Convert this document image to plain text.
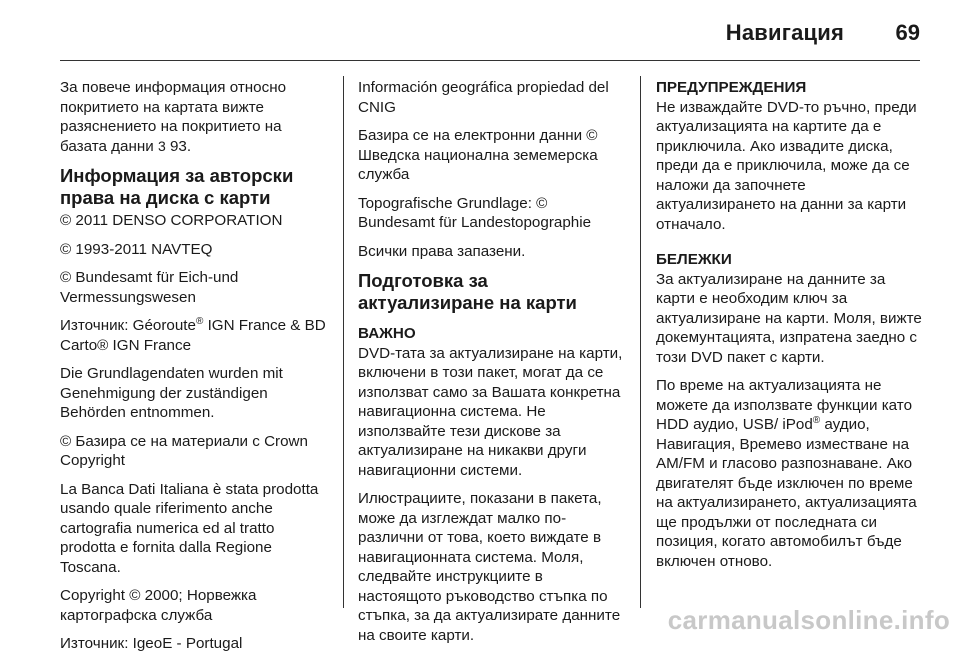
Навигация 69

За повече информация относно покритието на картата вижте разяснението на покритието на базата данни 3 93.

Информация за авторски права на диска с карти

© 2011 DENSO CORPORATION

© 1993-2011 NAVTEQ

© Bundesamt für Eich-und Vermessungswesen

Източник: Géoroute® IGN France & BD Carto® IGN France

Die Grundlagendaten wurden mit Genehmigung der zuständigen Behörden entnommen.

© Базира се на материали с Crown Copyright

La Banca Dati Italiana è stata prodotta usando quale riferimento anche cartografia numerica ed al tratto prodotta e fornita dalla Regione Toscana.

Copyright © 2000; Норвежка картографска служба

Източник: IgeoE - Portugal

Información geográfica propiedad del CNIG

Базира се на електронни данни © Шведска национална земемерска служба

Topografische Grundlage: © Bundesamt für Landestopographie

Всички права запазени.

Подготовка за актуализиране на карти
ВАЖНО

DVD-тата за актуализиране на карти, включени в този пакет, могат да се използват само за Вашата конкретна навигационна система. Не използвайте тези дискове за актуализиране на никакви други навигационни системи.

Илюстрациите, показани в пакета, може да изглеждат малко по-различни от това, което виждате в навигационната система. Моля, следвайте инструкциите в настоящото ръководство стъпка по стъпка, за да актуализирате данните на своите карти.

ПРЕДУПРЕЖДЕНИЯ

Не изваждайте DVD-то ръчно, преди актуализацията на картите да е приключила. Ако извадите диска, преди да е приключила, може да се наложи да започнете актуализирането на данни за карти отначало.

БЕЛЕЖКИ

За актуализиране на данните за карти е необходим ключ за актуализиране на карти. Моля, вижте докемунтацията, изпратена заедно с този DVD пакет с карти.

По време на актуализацията не можете да използвате функции като HDD аудио, USB/ iPod® аудио, Навигация, Времево изместване на AM/FM и гласово разпознаване. Ако двигателят бъде изключен по време на актуализирането, актуализацията ще продължи от последната си позиция, когато автомобилът бъде включен отново.

carmanualsonline.info
